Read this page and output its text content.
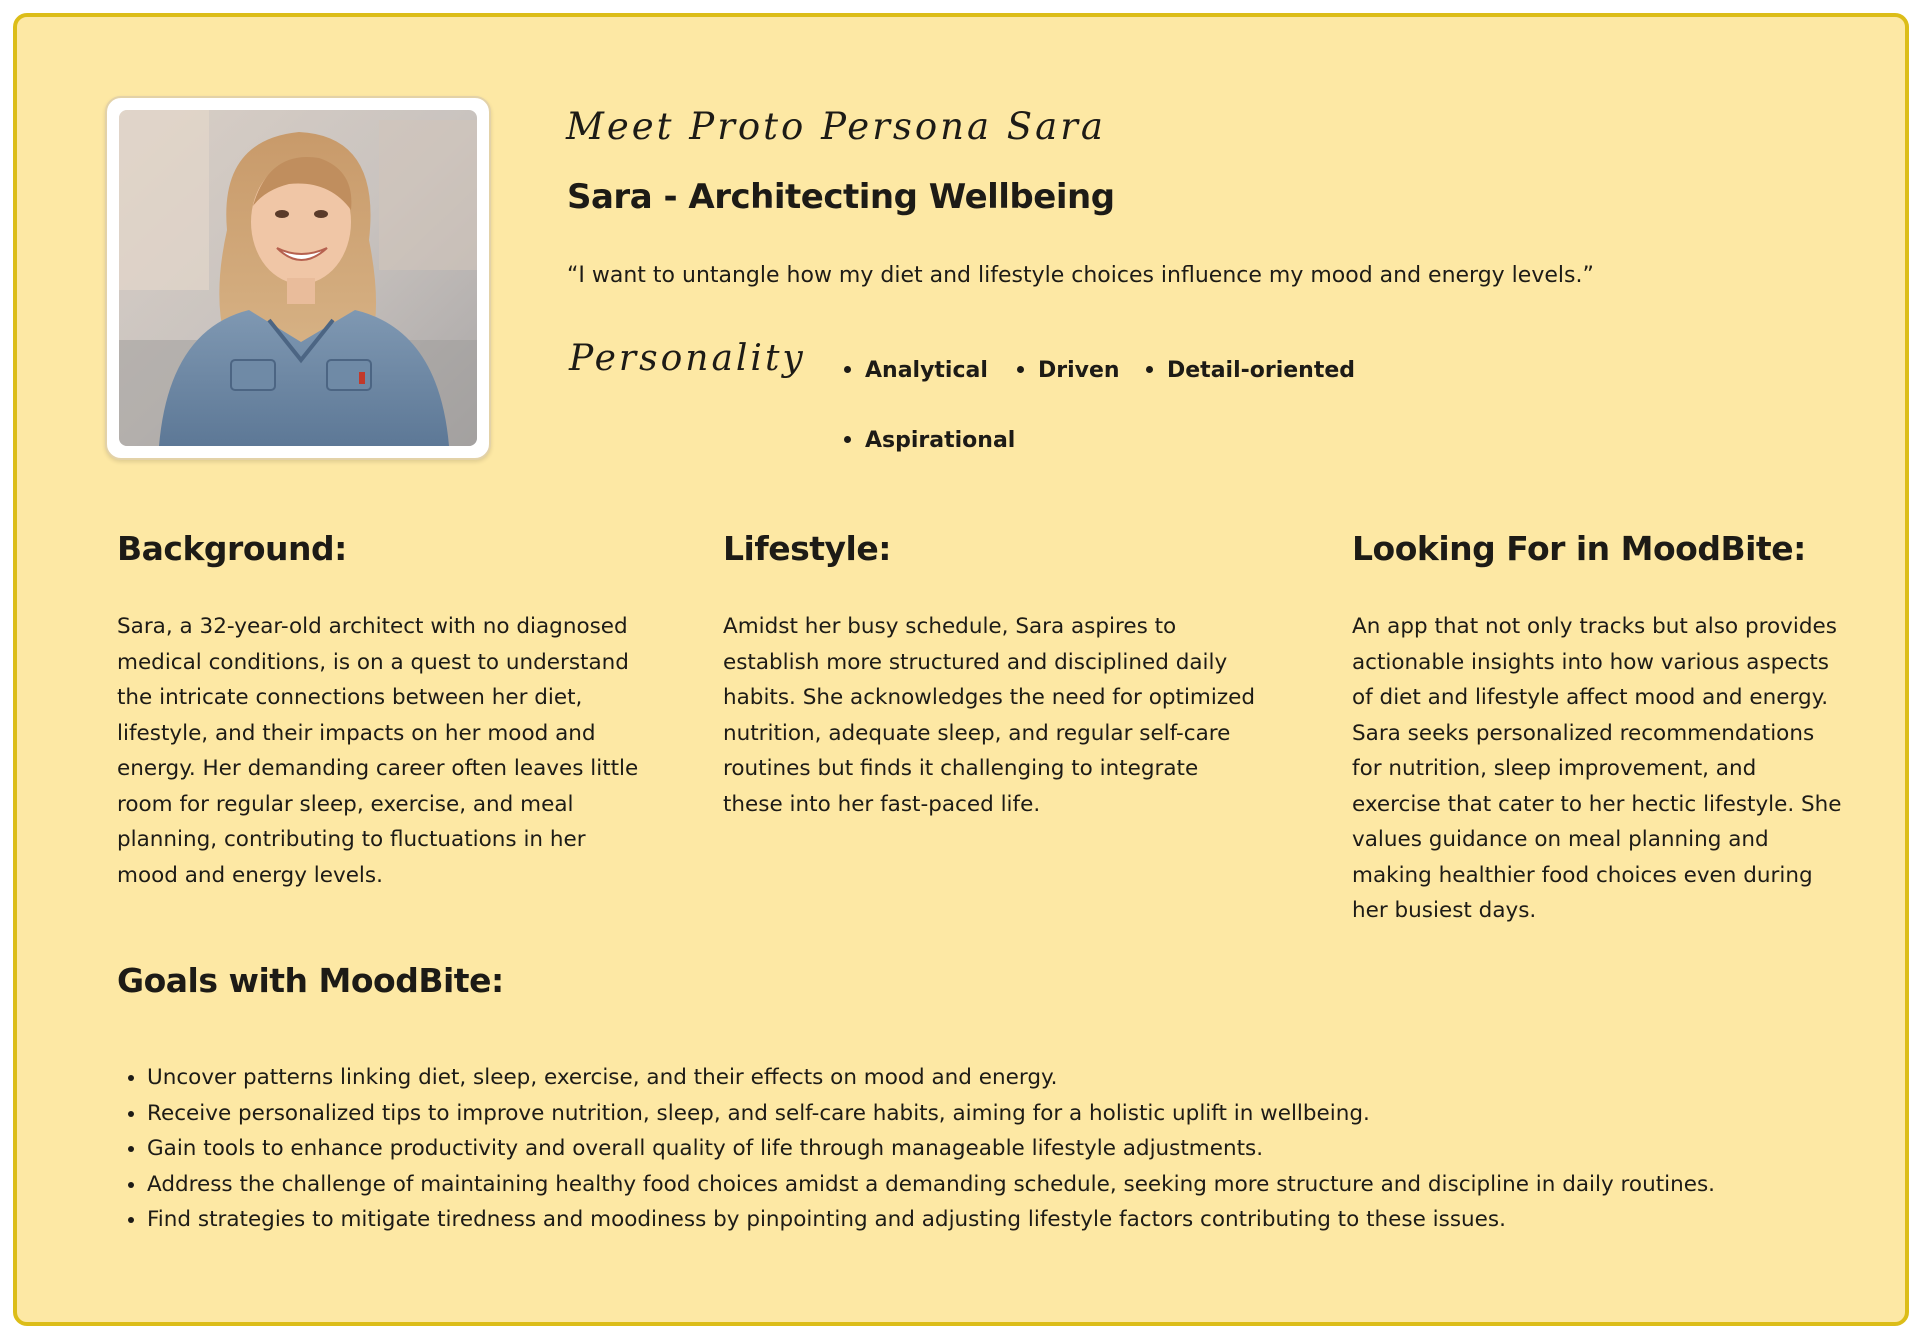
Meet Proto Persona Sara
Sara - Architecting Wellbeing
“I want to untangle how my diet and lifestyle choices influence my mood and energy levels.”
Personality	Analytical	Driven	Detail-oriented
Aspirational
Background:

Sara, a 32-year-old architect with no diagnosed medical conditions, is on a quest to understand the intricate connections between her diet, lifestyle, and their impacts on her mood and energy. Her demanding career often leaves little room for regular sleep, exercise, and meal planning, contributing to fluctuations in her mood and energy levels.

Lifestyle:

Amidst her busy schedule, Sara aspires to establish more structured and disciplined daily habits. She acknowledges the need for optimized nutrition, adequate sleep, and regular self-care routines but finds it challenging to integrate these into her fast-paced life.

Looking For in MoodBite:

An app that not only tracks but also provides actionable insights into how various aspects of diet and lifestyle affect mood and energy. Sara seeks personalized recommendations for nutrition, sleep improvement, and exercise that cater to her hectic lifestyle. She values guidance on meal planning and making healthier food choices even during her busiest days.

Goals with MoodBite:
• Uncover patterns linking diet, sleep, exercise, and their effects on mood and energy.
• Receive personalized tips to improve nutrition, sleep, and self-care habits, aiming for a holistic uplift in wellbeing.
• Gain tools to enhance productivity and overall quality of life through manageable lifestyle adjustments.
• Address the challenge of maintaining healthy food choices amidst a demanding schedule, seeking more structure and discipline in daily routines.
• Find strategies to mitigate tiredness and moodiness by pinpointing and adjusting lifestyle factors contributing to these issues.
